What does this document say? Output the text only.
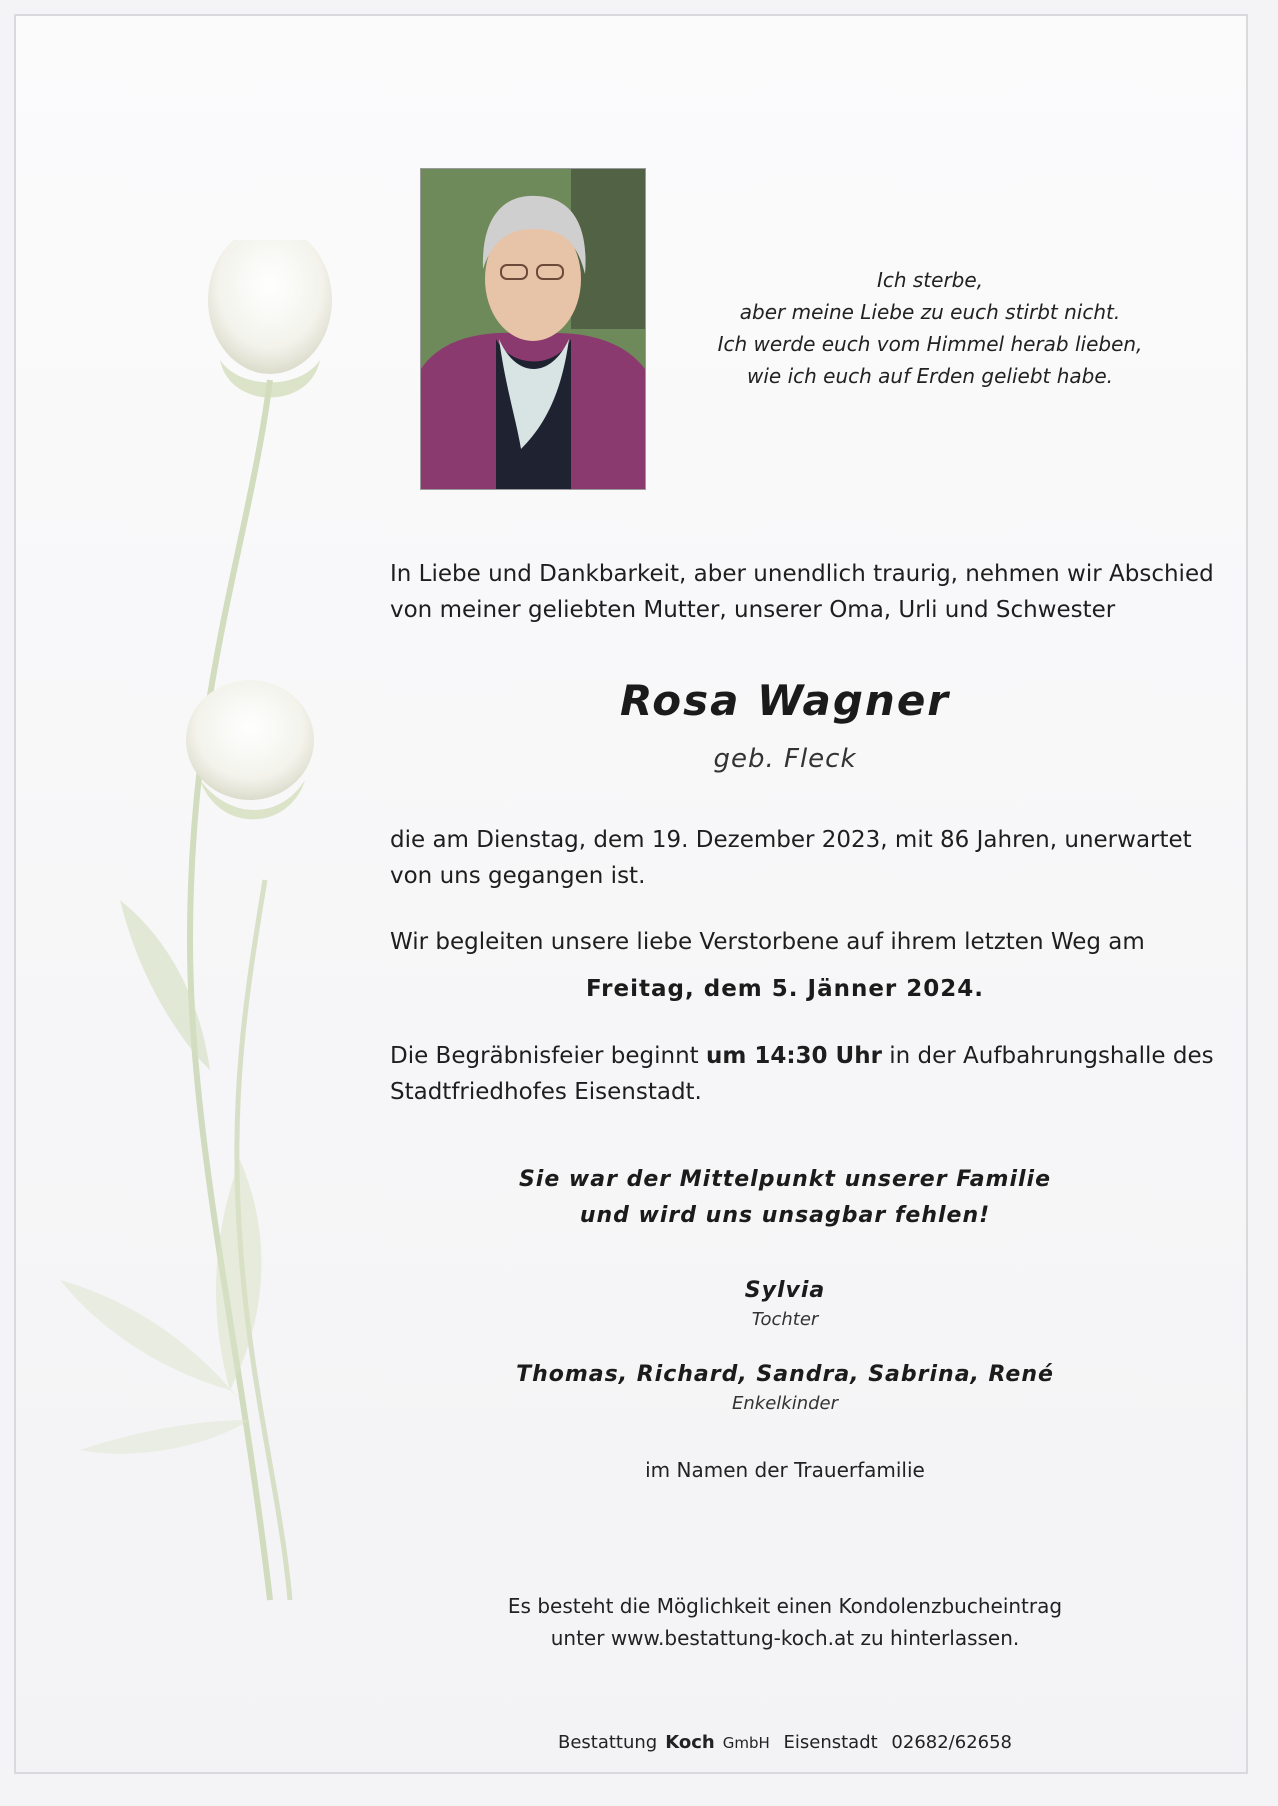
Ich sterbe,
aber meine Liebe zu euch stirbt nicht.
Ich werde euch vom Himmel herab lieben,
wie ich euch auf Erden geliebt habe.
In Liebe und Dankbarkeit, aber unendlich traurig, nehmen wir Abschied
von meiner geliebten Mutter, unserer Oma, Urli und Schwester
Rosa Wagner
geb. Fleck
die am Dienstag, dem 19. Dezember 2023, mit 86 Jahren, unerwartet
von uns gegangen ist.
Wir begleiten unsere liebe Verstorbene auf ihrem letzten Weg am
Freitag, dem 5. Jänner 2024.
Die Begräbnisfeier beginnt um 14:30 Uhr in der Aufbahrungshalle des
Stadtfriedhofes Eisenstadt.
Sie war der Mittelpunkt unserer Familie
und wird uns unsagbar fehlen!
Sylvia
Tochter
Thomas, Richard, Sandra, Sabrina, René
Enkelkinder
im Namen der Trauerfamilie
Es besteht die Möglichkeit einen Kondolenzbucheintrag
unter www.bestattung-koch.at zu hinterlassen.
Bestattung Koch GmbH Eisenstadt 02682/62658
